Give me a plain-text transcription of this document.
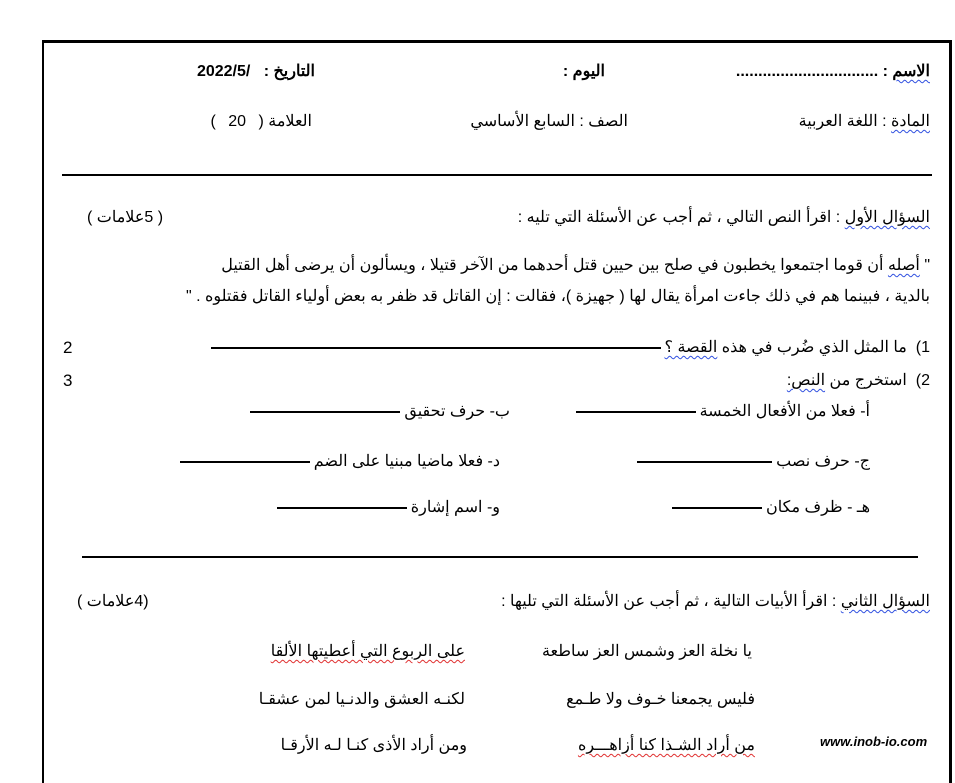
الاسم : ................................
اليوم :
التاريخ :   2022/5/
المادة : اللغة العربية
الصف : السابع الأساسي
العلامة ( 20 )
السؤال الأول : اقرأ النص التالي ، ثم أجب عن الأسئلة التي تليه :
( 5علامات )
" أصله أن قوما اجتمعوا يخطبون في صلح بين حيين قتل أحدهما من الآخر قتيلا ، ويسألون أن يرضى أهل القتيل
بالدية ، فبينما هم في ذلك جاءت امرأة يقال لها ( جهيزة )، فقالت : إن القاتل قد ظفر به بعض أولياء القاتل فقتلوه . "
1)  ما المثل الذي ضُرب في هذه القصة ؟
2
2)  استخرج من النص:
3
أ- فعلا من الأفعال الخمسة
ب- حرف تحقيق
ج- حرف نصب
د- فعلا ماضيا مبنيا على الضم
هـ - ظرف مكان
و- اسم إشارة
السؤال الثاني : اقرأ الأبيات التالية ، ثم أجب عن الأسئلة التي تليها :
(4علامات )
يا نخلة العز وشمس العز ساطعة
على الربوع التي أعطيتها الألقا
فليس يجمعنا خـوف ولا طـمع
لكنـه العشق والدنـيا لمن عشقـا
من أراد الشـذا كنا أزاهـــره
ومن أراد الأذى كنـا لـه الأرقـا	www.inob-io.com
